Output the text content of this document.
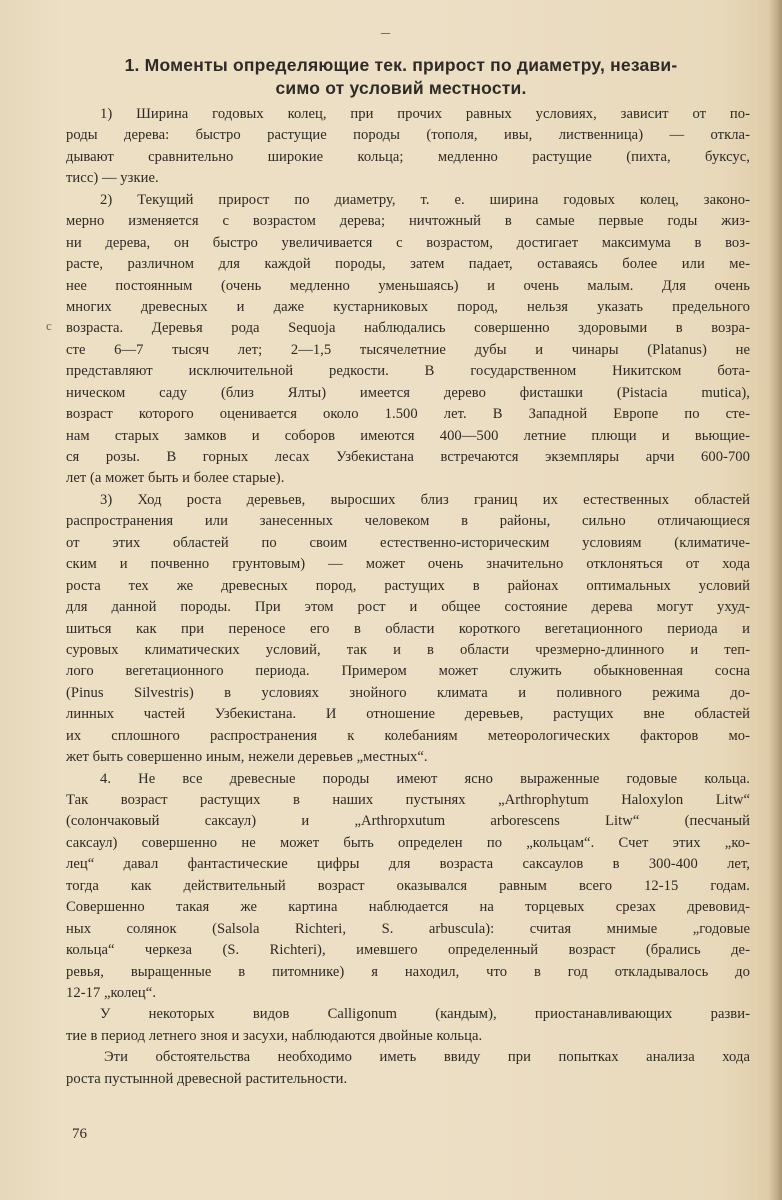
–
1. Моменты определяющие тек. прирост по диаметру, незави-
симо от условий местности.
c
1) Ширина годовых колец, при прочих равных условиях, зависит от по-
роды дерева: быстро растущие породы (тополя, ивы, лиственница) — откла-
дывают сравнительно широкие кольца; медленно растущие (пихта, буксус,
тисс) — узкие.
2) Текущий прирост по диаметру, т. е. ширина годовых колец, законо-
мерно изменяется с возрастом дерева; ничтожный в самые первые годы жиз-
ни дерева, он быстро увеличивается с возрастом, достигает максимума в воз-
расте, различном для каждой породы, затем падает, оставаясь более или ме-
нее постоянным (очень медленно уменьшаясь) и очень малым. Для очень
многих древесных и даже кустарниковых пород, нельзя указать предельного
возраста. Деревья рода Sequoja наблюдались совершенно здоровыми в возра-
сте 6—7 тысяч лет; 2—1,5 тысячелетние дубы и чинары (Platanus) не
представляют исключительной редкости. В государственном Никитском бота-
ническом саду (близ Ялты) имеется дерево фисташки (Pistacia mutica),
возраст которого оценивается около 1.500 лет. В Западной Европе по сте-
нам старых замков и соборов имеются 400—500 летние плющи и вьющие-
ся розы. В горных лесах Узбекистана встречаются экземпляры арчи 600-700
лет (а может быть и более старые).
3) Ход роста деревьев, выросших близ границ их естественных областей
распространения или занесенных человеком в районы, сильно отличающиеся
от этих областей по своим естественно-историческим условиям (климатиче-
ским и почвенно грунтовым) — может очень значительно отклоняться от хода
роста тех же древесных пород, растущих в районах оптимальных условий
для данной породы. При этом рост и общее состояние дерева могут ухуд-
шиться как при переносе его в области короткого вегетационного периода и
суровых климатических условий, так и в области чрезмерно-длинного и теп-
лого вегетационного периода. Примером может служить обыкновенная сосна
(Pinus Silvestris) в условиях знойного климата и поливного режима до-
линных частей Узбекистана. И отношение деревьев, растущих вне областей
их сплошного распространения к колебаниям метеорологических факторов мо-
жет быть совершенно иным, нежели деревьев „местных“.
4. Не все древесные породы имеют ясно выраженные годовые кольца.
Так возраст растущих в наших пустынях „Arthrophytum Haloxylon Litw“
(солончаковый саксаул) и „Arthropxutum arborescens Litw“ (песчаный
саксаул) совершенно не может быть определен по „кольцам“. Счет этих „ко-
лец“ давал фантастические цифры для возраста саксаулов в 300-400 лет,
тогда как действительный возраст оказывался равным всего 12-15 годам.
Совершенно такая же картина наблюдается на торцевых срезах древовид-
ных солянок (Salsola Richteri, S. arbuscula): считая мнимые „годовые
кольца“ черкеза (S. Richteri), имевшего определенный возраст (брались де-
ревья, выращенные в питомнике) я находил, что в год откладывалось до
12-17 „колец“.
У некоторых видов Calligonum (кандым), приостанавливающих разви-
тие в период летнего зноя и засухи, наблюдаются двойные кольца.
Эти обстоятельства необходимо иметь ввиду при попытках анализа хода
роста пустынной древесной растительности.
76
